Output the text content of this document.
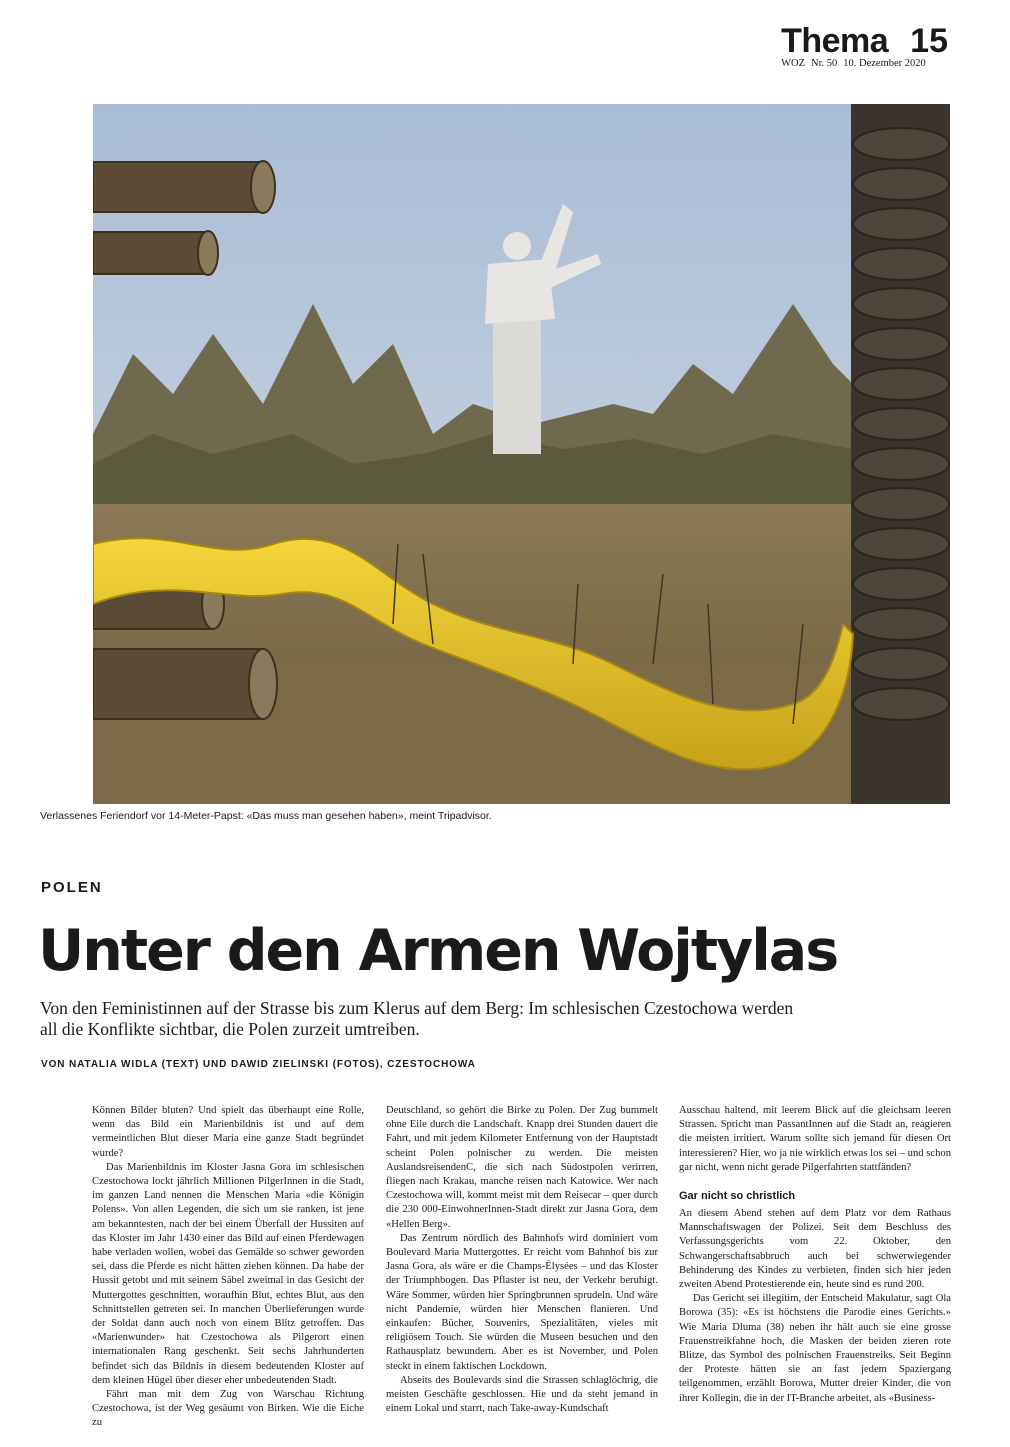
Thema 15
WOZ Nr. 50 10. Dezember 2020
Verlassenes Feriendorf vor 14-Meter-Papst: «Das muss man gesehen haben», meint Tripadvisor.
POLEN
Unter den Armen Wojtylas
Von den Feministinnen auf der Strasse bis zum Klerus auf dem Berg: Im schlesischen Czestochowa werden all die Konflikte sichtbar, die Polen zurzeit umtreiben.
VON NATALIA WIDLA (TEXT) UND DAWID ZIELINSKI (FOTOS), CZESTOCHOWA

Können Bilder bluten? Und spielt das überhaupt eine Rolle, wenn das Bild ein Marienbildnis ist und auf dem vermeintlichen Blut dieser Maria eine ganze Stadt begründet wurde?

Das Marienbildnis im Kloster Jasna Gora im schlesischen Czestochowa lockt jährlich Millionen PilgerInnen in die Stadt, im ganzen Land nennen die Menschen Maria «die Königin Polens». Von allen Legenden, die sich um sie ranken, ist jene am bekanntesten, nach der bei einem Überfall der Hussiten auf das Kloster im Jahr 1430 einer das Bild auf einen Pferdewagen habe verladen wollen, wobei das Gemälde so schwer geworden sei, dass die Pferde es nicht hätten ziehen können. Da habe der Hussit getobt und mit seinem Säbel zweimal in das Gesicht der Muttergottes geschnitten, woraufhin Blut, echtes Blut, aus den Schnittstellen getreten sei. In manchen Überlieferungen wurde der Soldat dann auch noch von einem Blitz getroffen. Das «Marienwunder» hat Czestochowa als Pilgerort einen internationalen Rang geschenkt. Seit sechs Jahrhunderten befindet sich das Bildnis in diesem bedeutenden Kloster auf dem kleinen Hügel über dieser eher unbedeutenden Stadt.

Fährt man mit dem Zug von Warschau Richtung Czestochowa, ist der Weg gesäumt von Birken. Wie die Eiche zu

Deutschland, so gehört die Birke zu Polen. Der Zug bummelt ohne Eile durch die Landschaft. Knapp drei Stunden dauert die Fahrt, und mit jedem Kilometer Entfernung von der Hauptstadt scheint Polen polnischer zu werden. Die meisten AuslandsreisendenC, die sich nach Südostpolen verirren, fliegen nach Krakau, manche reisen nach Katowice. Wer nach Czestochowa will, kommt meist mit dem Reisecar – quer durch die 230 000-EinwohnerInnen-Stadt direkt zur Jasna Gora, dem «Hellen Berg».

Das Zentrum nördlich des Bahnhofs wird dominiert vom Boulevard Maria Muttergottes. Er reicht vom Bahnhof bis zur Jasna Gora, als wäre er die Champs-Élysées – und das Kloster der Triumphbogen. Das Pflaster ist neu, der Verkehr beruhigt. Wäre Sommer, würden hier Springbrunnen sprudeln. Und wäre nicht Pandemie, würden hier Menschen flanieren. Und einkaufen: Bücher, Souvenirs, Spezialitäten, vieles mit religiösem Touch. Sie würden die Museen besuchen und den Rathausplatz bewundern. Aber es ist November, und Polen steckt in einem faktischen Lockdown.

Abseits des Boulevards sind die Strassen schlaglöchrig, die meisten Geschäfte geschlossen. Hie und da steht jemand in einem Lokal und starrt, nach Take-away-Kundschaft

Ausschau haltend, mit leerem Blick auf die gleichsam leeren Strassen. Spricht man PassantInnen auf die Stadt an, reagieren die meisten irritiert. Warum sollte sich jemand für diesen Ort interessieren? Hier, wo ja nie wirklich etwas los sei – und schon gar nicht, wenn nicht gerade Pilgerfahrten stattfänden?

Gar nicht so christlich

An diesem Abend stehen auf dem Platz vor dem Rathaus Mannschaftswagen der Polizei. Seit dem Beschluss des Verfassungsgerichts vom 22. Oktober, den Schwangerschaftsabbruch auch bei schwerwiegender Behinderung des Kindes zu verbieten, finden sich hier jeden zweiten Abend Protestierende ein, heute sind es rund 200.

Das Gericht sei illegitim, der Entscheid Makulatur, sagt Ola Borowa (35): «Es ist höchstens die Parodie eines Gerichts.» Wie Maria Dluma (38) neben ihr hält auch sie eine grosse Frauenstreikfahne hoch, die Masken der beiden zieren rote Blitze, das Symbol des polnischen Frauenstreiks. Seit Beginn der Proteste hätten sie an fast jedem Spaziergang teilgenommen, erzählt Borowa, Mutter dreier Kinder, die von ihrer Kollegin, die in der IT-Branche arbeitet, als «Business-
